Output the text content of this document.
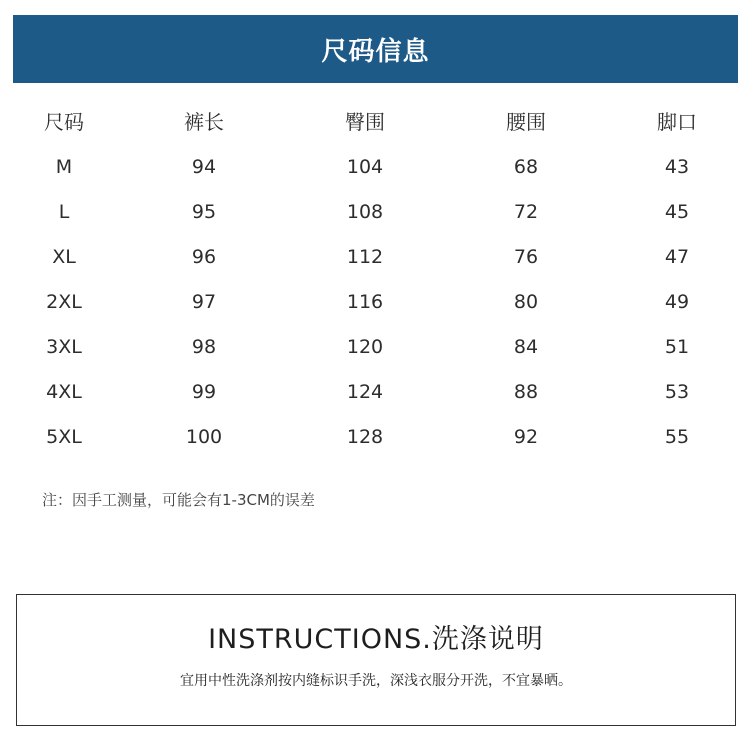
尺码信息
尺码	裤长	臀围	腰围	脚口
M	94	104	68	43
L	95	108	72	45
XL	96	112	76	47
2XL	97	116	80	49
3XL	98	120	84	51
4XL	99	124	88	53
5XL	100	128	92	55
注：因手工测量，可能会有1-3CM的误差
INSTRUCTIONS.洗涤说明
宜用中性洗涤剂按内缝标识手洗，深浅衣服分开洗，不宜暴晒。
